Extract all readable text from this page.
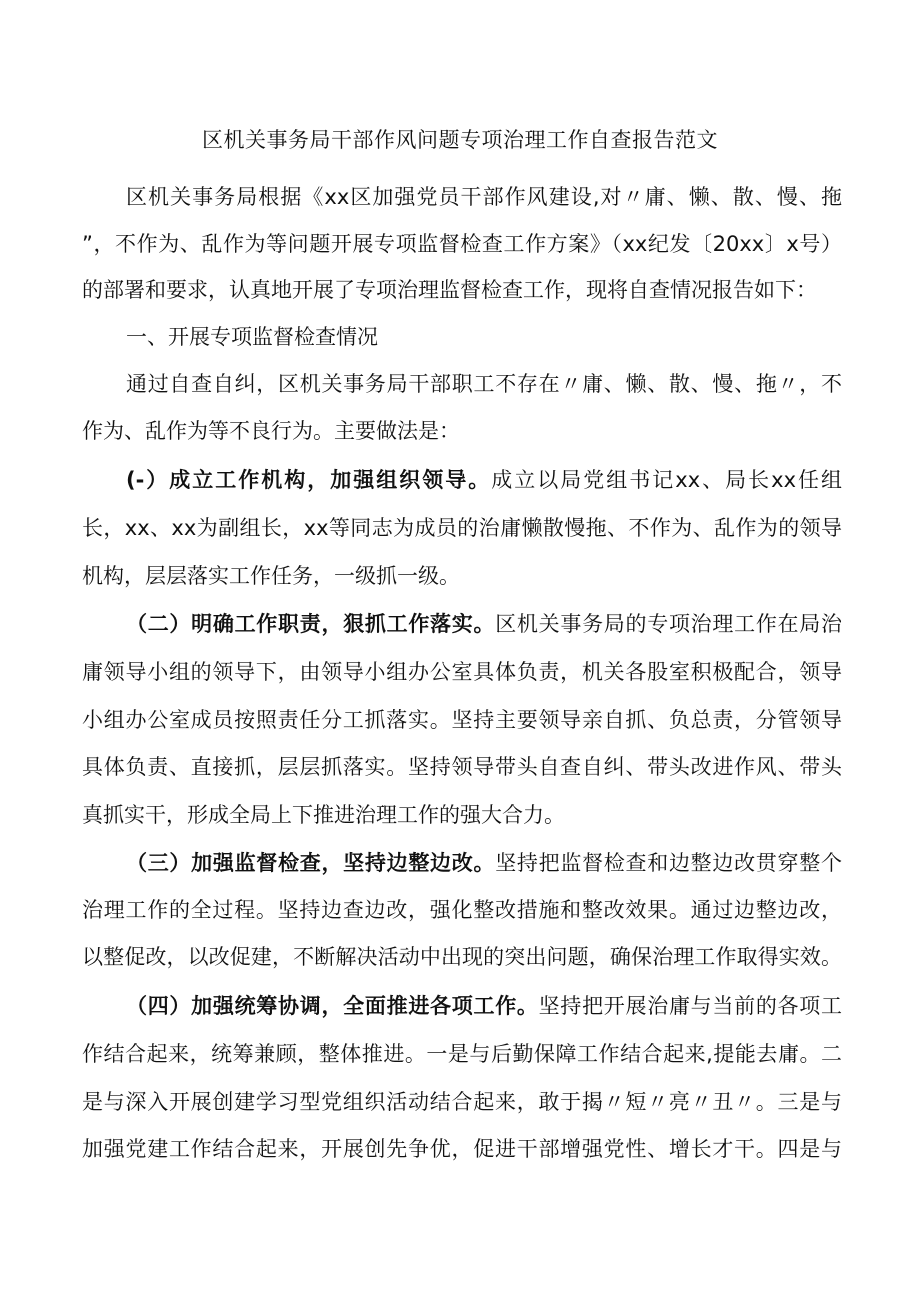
区机关事务局干部作风问题专项治理工作自查报告范文
区机关事务局根据《xx区加强党员干部作风建设,对〃庸、懒、散、慢、拖
”，不作为、乱作为等问题开展专项监督检查工作方案》（xx纪发〔20xx〕x号）
的部署和要求，认真地开展了专项治理监督检查工作，现将自查情况报告如下：
一、开展专项监督检查情况
通过自查自纠，区机关事务局干部职工不存在〃庸、懒、散、慢、拖〃，不
作为、乱作为等不良行为。主要做法是：
(-）成立工作机构，加强组织领导。成立以局党组书记xx、局长xx任组
长，xx、xx为副组长，xx等同志为成员的治庸懒散慢拖、不作为、乱作为的领导
机构，层层落实工作任务，一级抓一级。
（二）明确工作职责，狠抓工作落实。区机关事务局的专项治理工作在局治
庸领导小组的领导下，由领导小组办公室具体负责，机关各股室积极配合，领导
小组办公室成员按照责任分工抓落实。坚持主要领导亲自抓、负总责，分管领导
具体负责、直接抓，层层抓落实。坚持领导带头自查自纠、带头改进作风、带头
真抓实干，形成全局上下推进治理工作的强大合力。
（三）加强监督检查，坚持边整边改。坚持把监督检查和边整边改贯穿整个
治理工作的全过程。坚持边查边改，强化整改措施和整改效果。通过边整边改，
以整促改，以改促建，不断解决活动中出现的突出问题，确保治理工作取得实效。
（四）加强统筹协调，全面推进各项工作。坚持把开展治庸与当前的各项工
作结合起来，统筹兼顾，整体推进。一是与后勤保障工作结合起来,提能去庸。二
是与深入开展创建学习型党组织活动结合起来，敢于揭〃短〃亮〃丑〃。三是与
加强党建工作结合起来，开展创先争优，促进干部增强党性、增长才干。四是与
